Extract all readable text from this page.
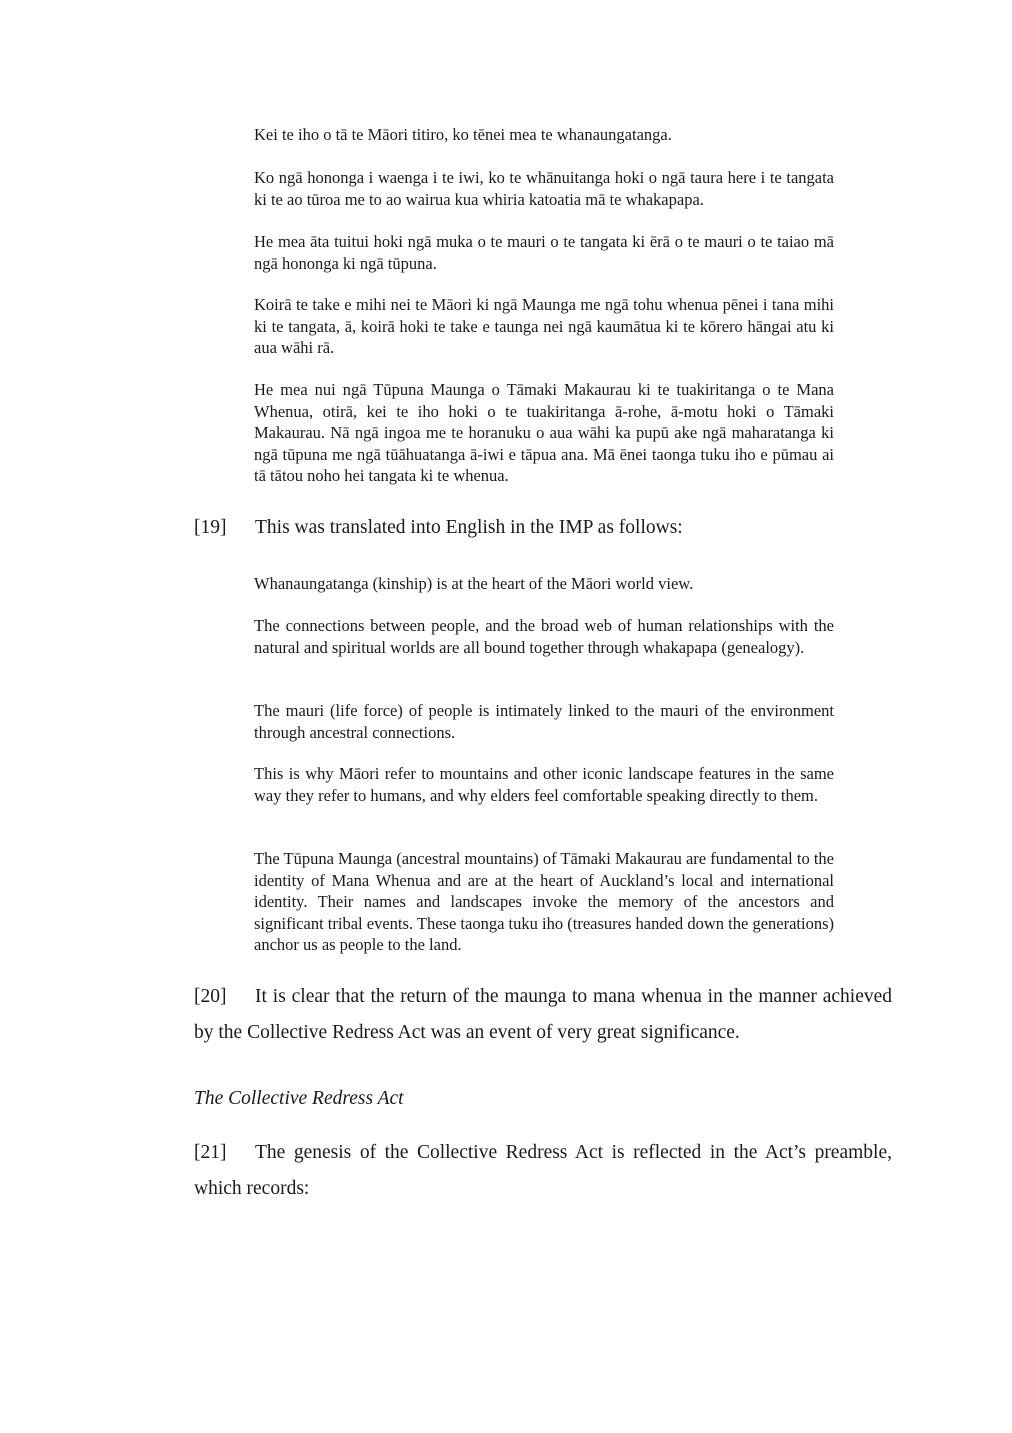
Kei te iho o tā te Māori titiro, ko tēnei mea te whanaungatanga.

Ko ngā hononga i waenga i te iwi, ko te whānuitanga hoki o ngā taura here i te tangata ki te ao tūroa me to ao wairua kua whiria katoatia mā te whakapapa.

He mea āta tuitui hoki ngā muka o te mauri o te tangata ki ērā o te mauri o te taiao mā ngā hononga ki ngā tūpuna.

Koirā te take e mihi nei te Māori ki ngā Maunga me ngā tohu whenua pēnei i tana mihi ki te tangata, ā, koirā hoki te take e taunga nei ngā kaumātua ki te kōrero hāngai atu ki aua wāhi rā.

He mea nui ngā Tūpuna Maunga o Tāmaki Makaurau ki te tuakiritanga o te Mana Whenua, otirā, kei te iho hoki o te tuakiritanga ā-rohe, ā-motu hoki o Tāmaki Makaurau. Nā ngā ingoa me te horanuku o aua wāhi ka pupū ake ngā maharatanga ki ngā tūpuna me ngā tūāhuatanga ā-iwi e tāpua ana. Mā ēnei taonga tuku iho e pūmau ai tā tātou noho hei tangata ki te whenua.

[19] This was translated into English in the IMP as follows:

Whanaungatanga (kinship) is at the heart of the Māori world view.

The connections between people, and the broad web of human relationships with the natural and spiritual worlds are all bound together through whakapapa (genealogy).

The mauri (life force) of people is intimately linked to the mauri of the environment through ancestral connections.

This is why Māori refer to mountains and other iconic landscape features in the same way they refer to humans, and why elders feel comfortable speaking directly to them.

The Tūpuna Maunga (ancestral mountains) of Tāmaki Makaurau are fundamental to the identity of Mana Whenua and are at the heart of Auckland’s local and international identity. Their names and landscapes invoke the memory of the ancestors and significant tribal events. These taonga tuku iho (treasures handed down the generations) anchor us as people to the land.

[20] It is clear that the return of the maunga to mana whenua in the manner achieved by the Collective Redress Act was an event of very great significance.
The Collective Redress Act
[21] The genesis of the Collective Redress Act is reflected in the Act’s preamble, which records:
